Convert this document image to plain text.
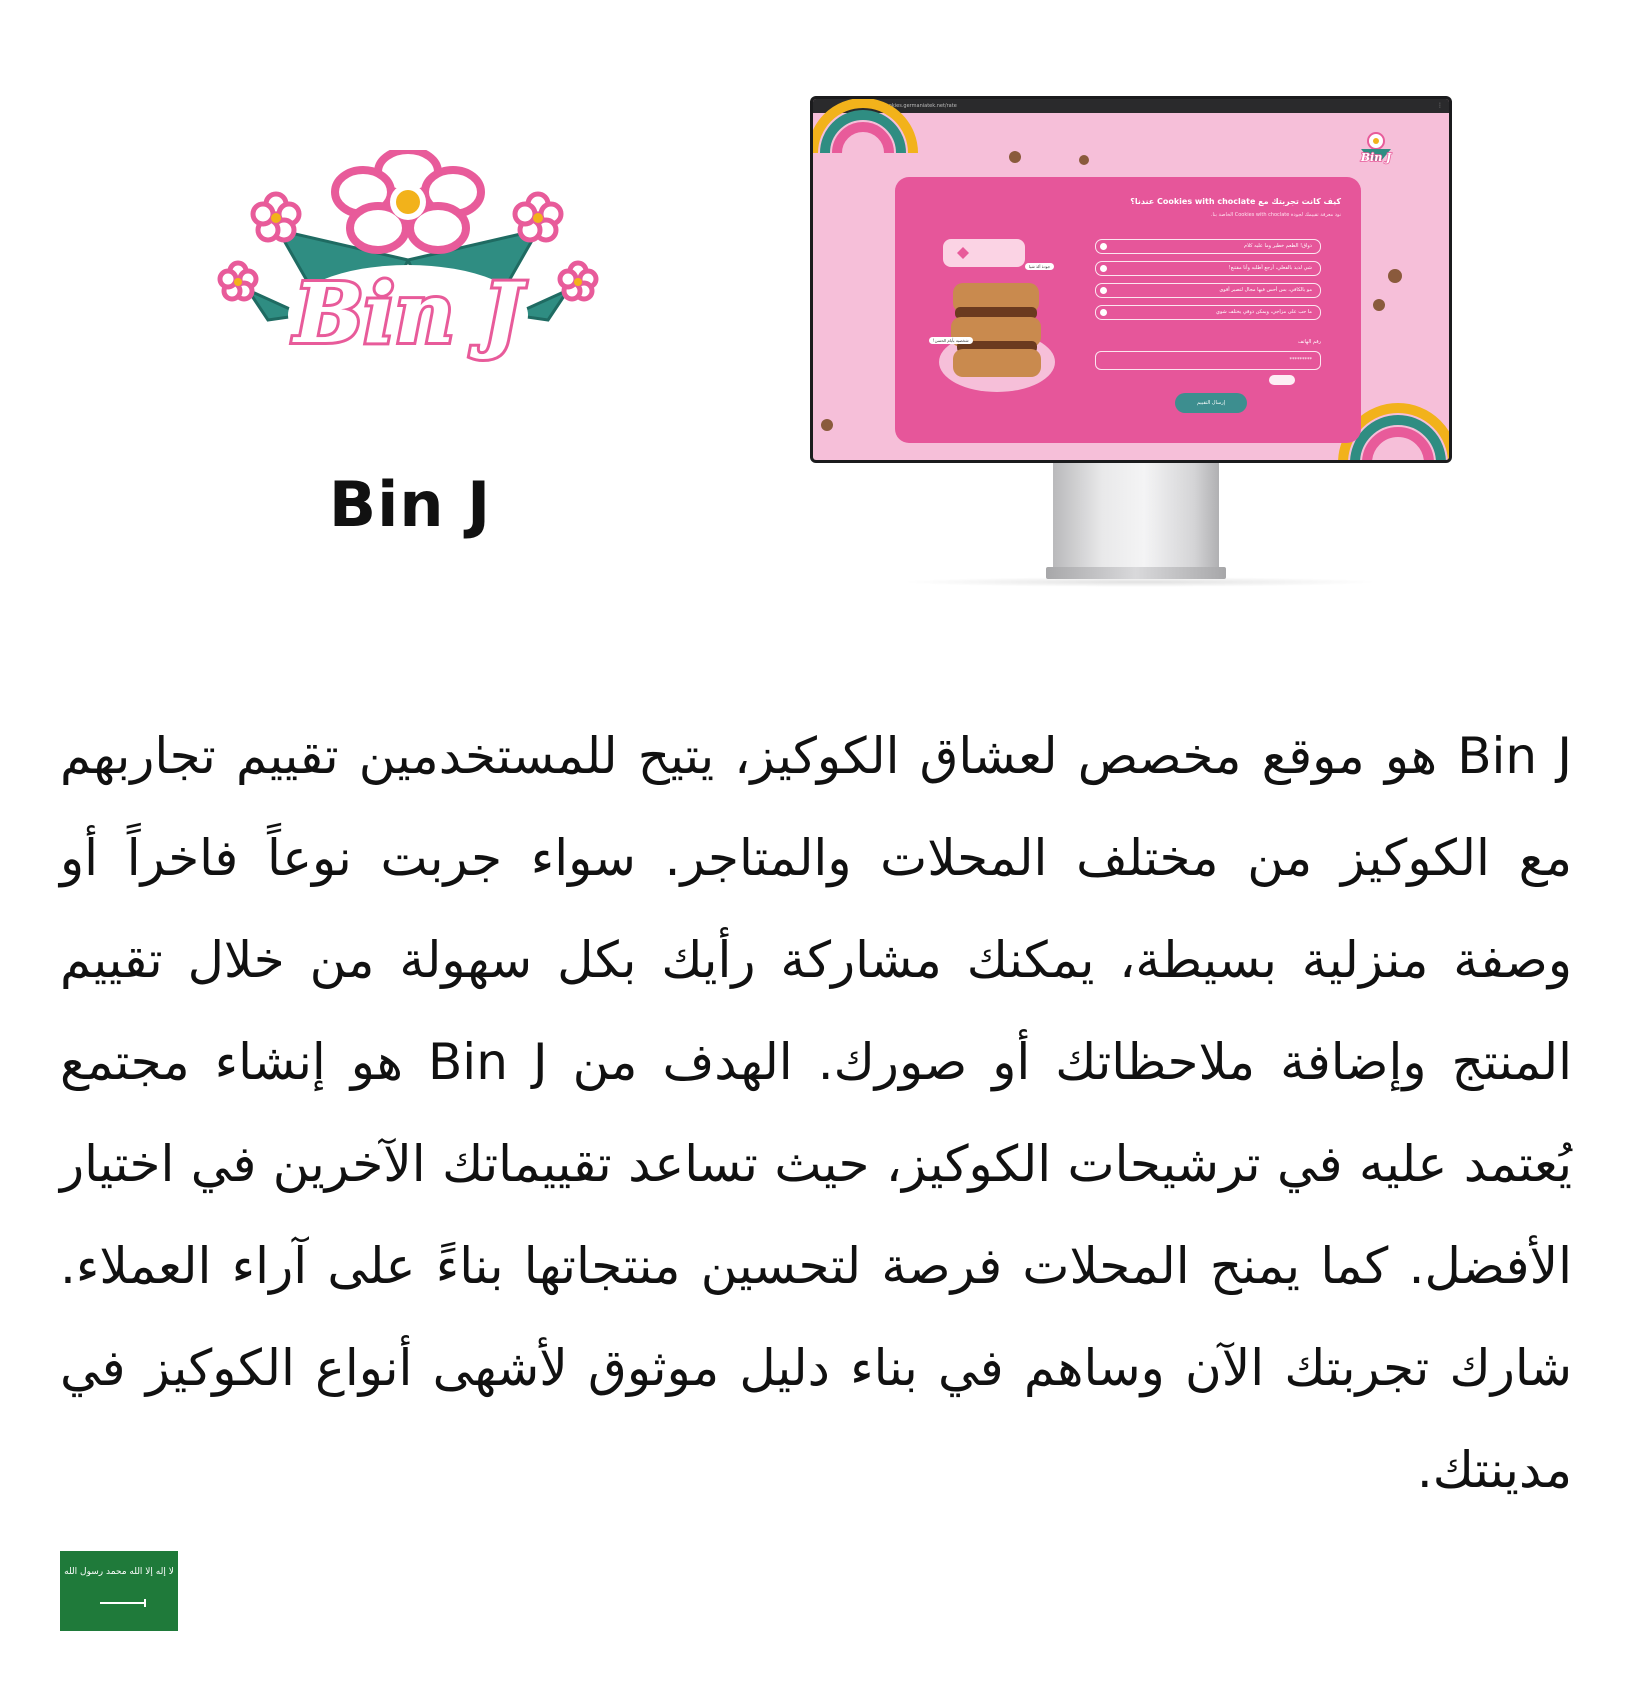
Bin J
Bin J
cookies.germaniatek.net/rate	⋮
Bin J
كيف كانت تجربتك مع Cookies with choclate عندنا؟
نود معرفة تقييمك لجودة Cookies with choclate الخاصة بنا.
جودة ألذ شيا
شخصية بأيام الحسن!
ذواق! الطعم خطير وما عليه كلام
شي لذيذ بالفعلي، أرجع أطلبه وأنا مقتنع!
مو بالكافي، بس أحس فيها مجال لتصير أقوى
ما حب على مزاجي، ويمكن ذوقي يختلف شوي
رقم الهاتف
*********
إرسال التقييم

Bin J هو موقع مخصص لعشاق الكوكيز، يتيح للمستخدمين تقييم تجاربهم مع الكوكيز من مختلف المحلات والمتاجر. سواء جربت نوعاً فاخراً أو وصفة منزلية بسيطة، يمكنك مشاركة رأيك بكل سهولة من خلال تقييم المنتج وإضافة ملاحظاتك أو صورك. الهدف من Bin J هو إنشاء مجتمع يُعتمد عليه في ترشيحات الكوكيز، حيث تساعد تقييماتك الآخرين في اختيار الأفضل. كما يمنح المحلات فرصة لتحسين منتجاتها بناءً على آراء العملاء. شارك تجربتك الآن وساهم في بناء دليل موثوق لأشهى أنواع الكوكيز في مدينتك.

لا إله إلا الله محمد رسول الله
